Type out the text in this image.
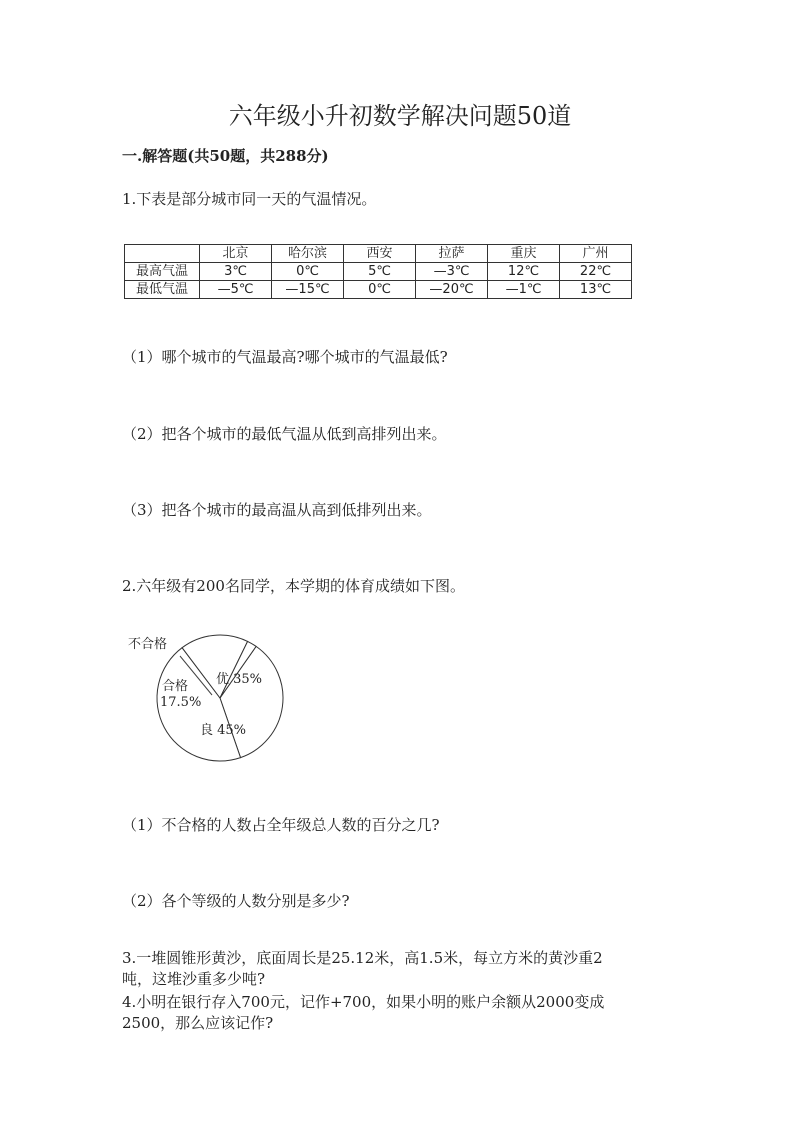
六年级小升初数学解决问题50道
一.解答题(共50题，共288分)
1.下表是部分城市同一天的气温情况。
	北京	哈尔滨	西安	拉萨	重庆	广州
最高气温	3℃	0℃	5℃	—3℃	12℃	22℃
最低气温	—5℃	—15℃	0℃	—20℃	—1℃	13℃
（1）哪个城市的气温最高?哪个城市的气温最低?
（2）把各个城市的最低气温从低到高排列出来。
（3）把各个城市的最高温从高到低排列出来。
2.六年级有200名同学，本学期的体育成绩如下图。
不合格
优 35%
合格
17.5%
良 45%
（1）不合格的人数占全年级总人数的百分之几?
（2）各个等级的人数分别是多少?
3.一堆圆锥形黄沙，底面周长是25.12米，高1.5米，每立方米的黄沙重2
吨，这堆沙重多少吨?
4.小明在银行存入700元，记作+700，如果小明的账户余额从2000变成
2500，那么应该记作?
